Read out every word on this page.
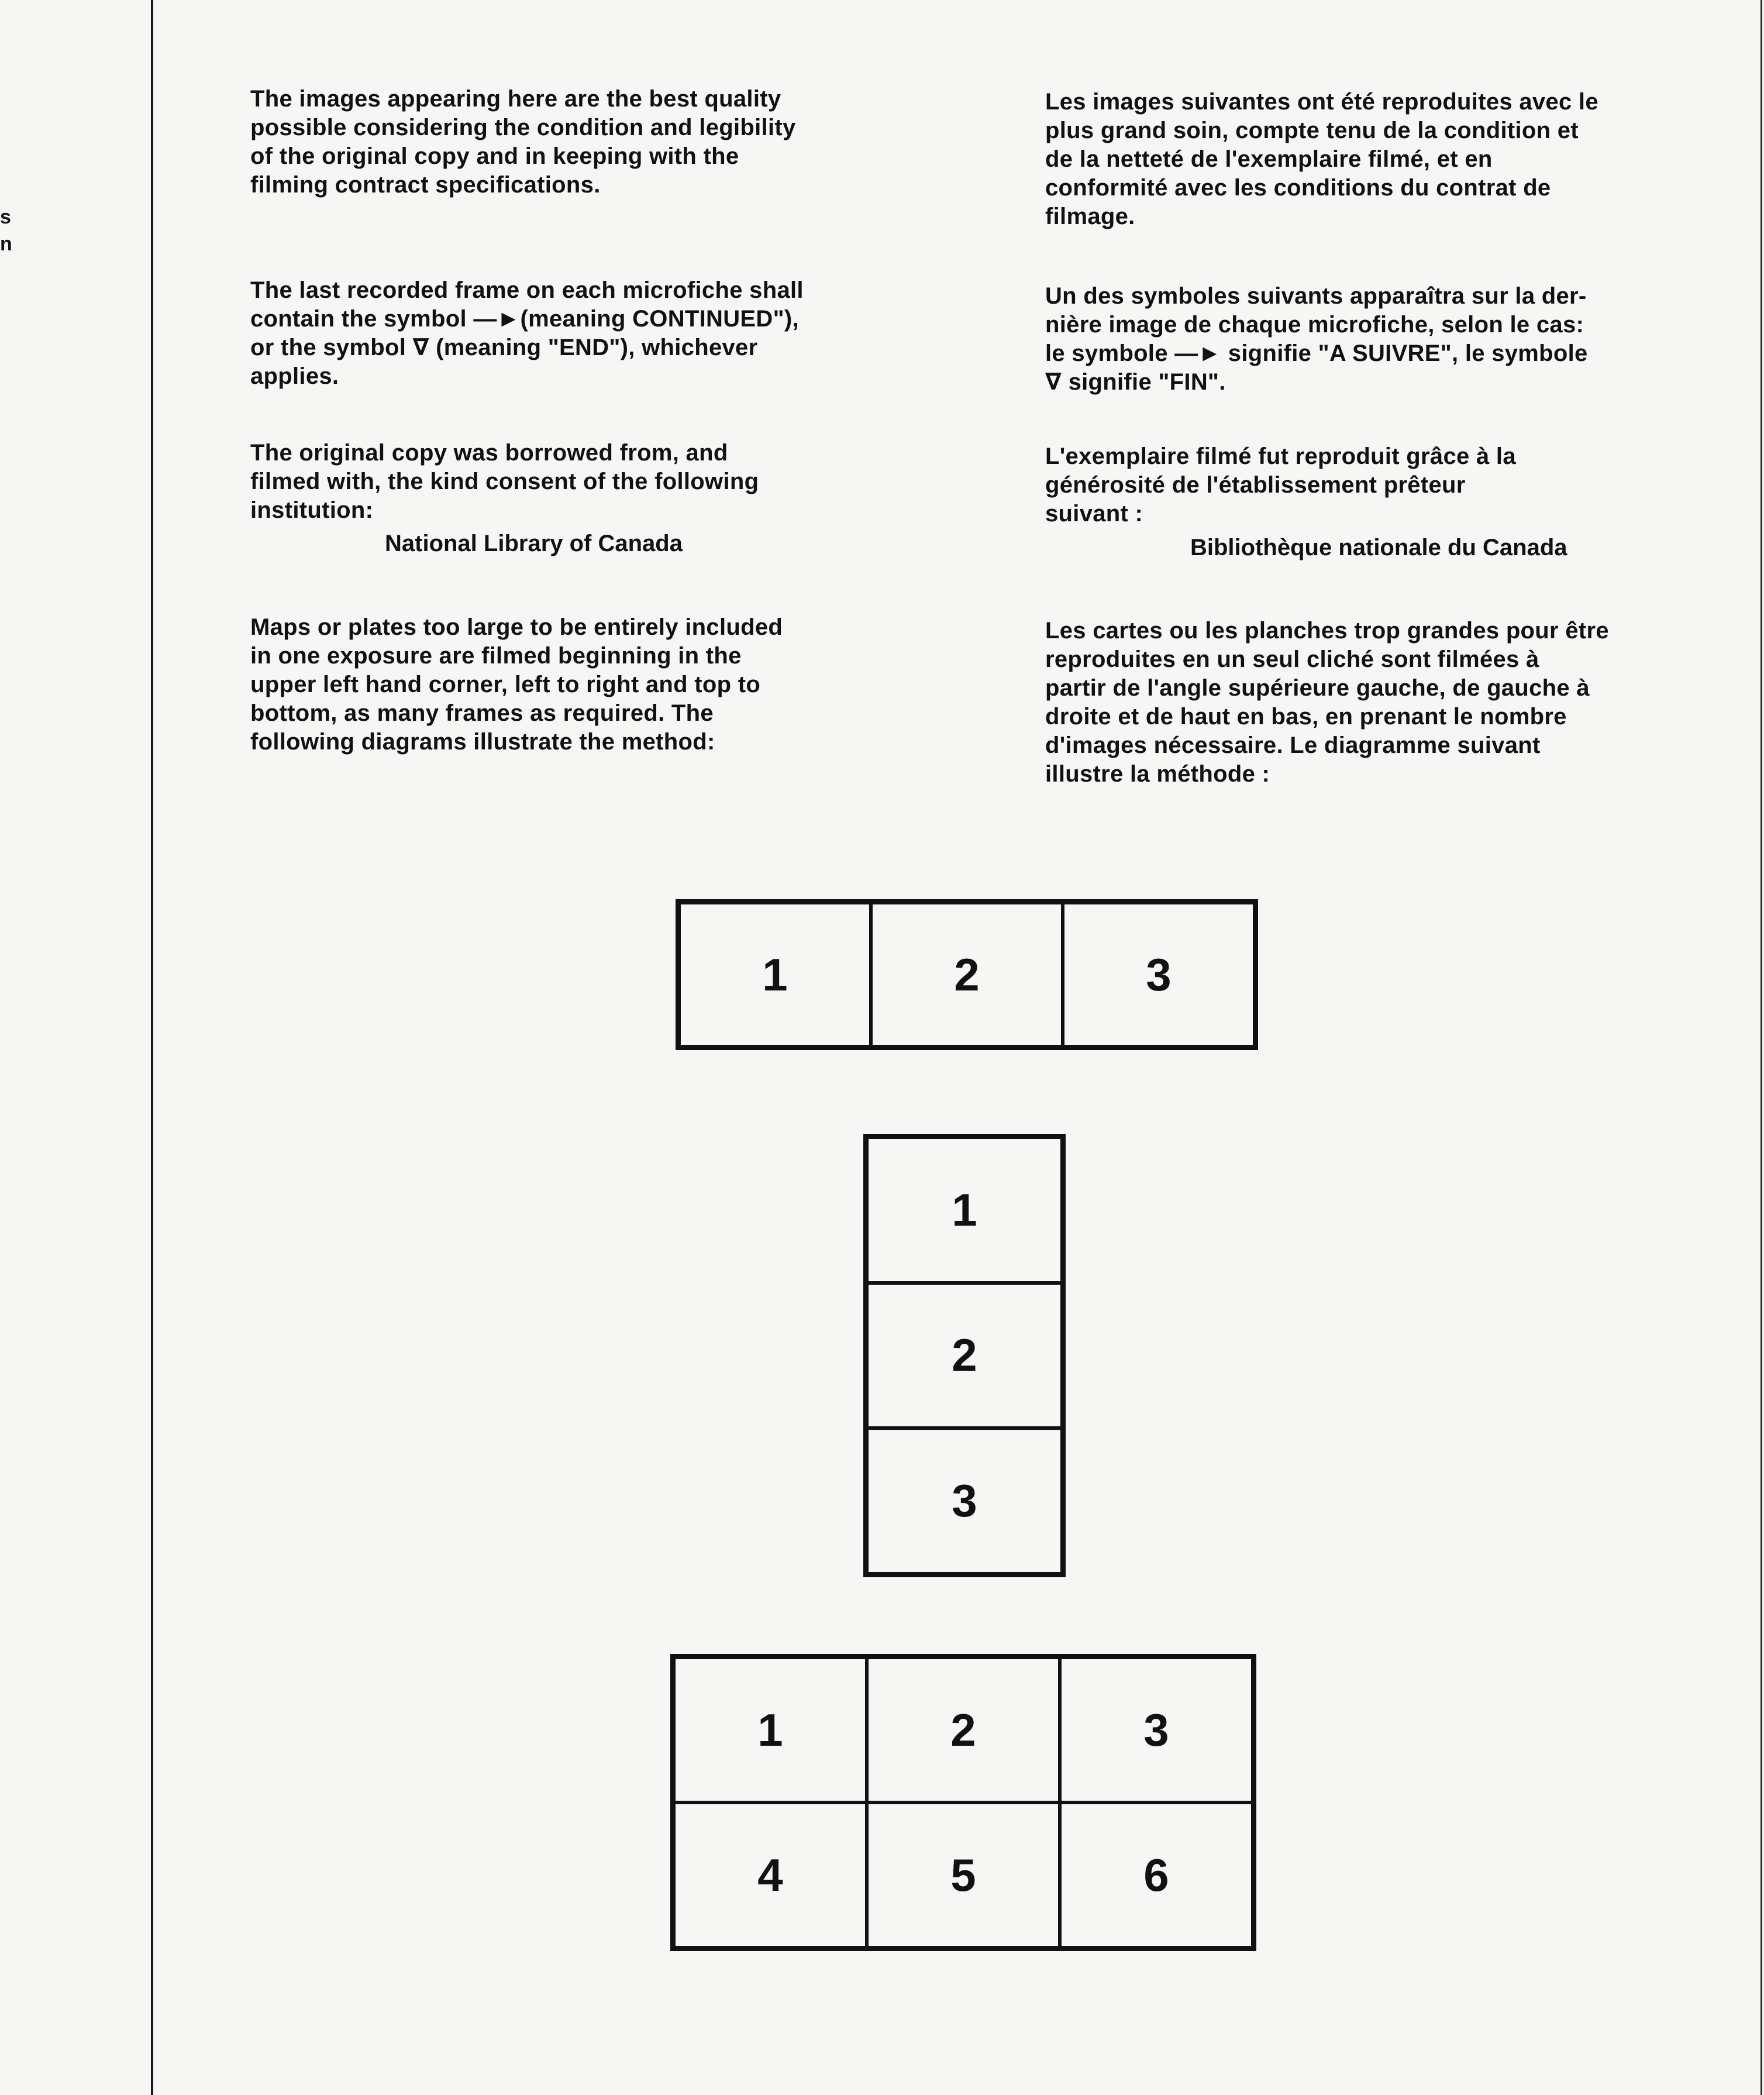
s
n
The images appearing here are the best quality
possible considering the condition and legibility
of the original copy and in keeping with the
filming contract specifications.
The last recorded frame on each microfiche shall
contain the symbol —►(meaning CONTINUED"),
or the symbol ∇ (meaning "END"), whichever
applies.
The original copy was borrowed from, and
filmed with, the kind consent of the following
institution:
National Library of Canada
Maps or plates too large to be entirely included
in one exposure are filmed beginning in the
upper left hand corner, left to right and top to
bottom, as many frames as required. The
following diagrams illustrate the method:
Les images suivantes ont été reproduites avec le
plus grand soin, compte tenu de la condition et
de la netteté de l'exemplaire filmé, et en
conformité avec les conditions du contrat de
filmage.
Un des symboles suivants apparaîtra sur la der-
nière image de chaque microfiche, selon le cas:
le symbole —► signifie "A SUIVRE", le symbole
∇ signifie "FIN".
L'exemplaire filmé fut reproduit grâce à la
générosité de l'établissement prêteur
suivant :
Bibliothèque nationale du Canada
Les cartes ou les planches trop grandes pour être
reproduites en un seul cliché sont filmées à
partir de l'angle supérieure gauche, de gauche à
droite et de haut en bas, en prenant le nombre
d'images nécessaire. Le diagramme suivant
illustre la méthode :
1	2	3
1
2
3
1	2	3
4	5	6
